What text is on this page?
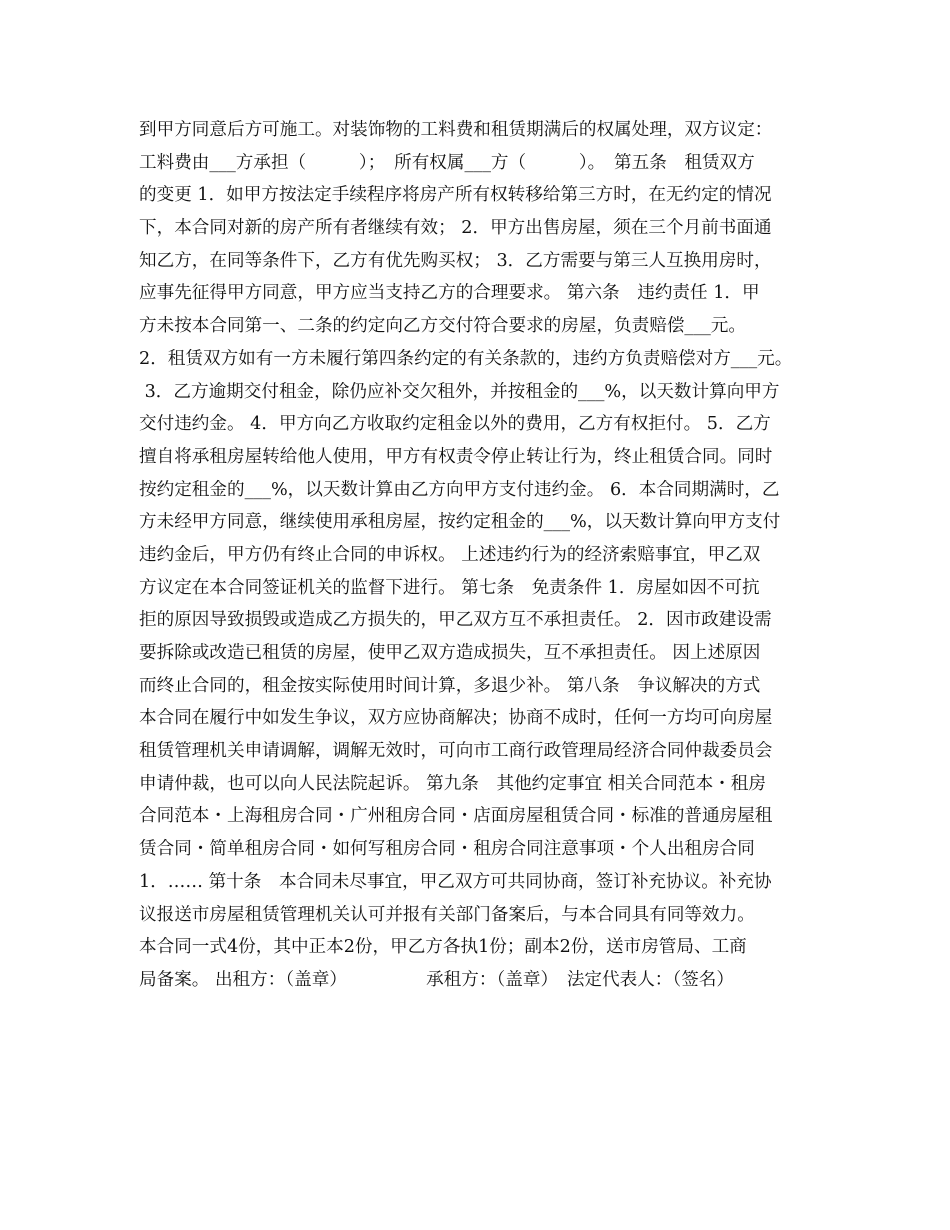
到甲方同意后方可施工。对装饰物的工料费和租赁期满后的权属处理，双方议定：
工料费由___方承担（　　　）；　所有权属___方（　　　）。　第五条　租赁双方
的变更 1．如甲方按法定手续程序将房产所有权转移给第三方时，在无约定的情况
下，本合同对新的房产所有者继续有效； 2．甲方出售房屋，须在三个月前书面通
知乙方，在同等条件下，乙方有优先购买权； 3．乙方需要与第三人互换用房时，
应事先征得甲方同意，甲方应当支持乙方的合理要求。 第六条　违约责任 1．甲
方未按本合同第一、二条的约定向乙方交付符合要求的房屋，负责赔偿___元。
2．租赁双方如有一方未履行第四条约定的有关条款的，违约方负责赔偿对方___元。
3．乙方逾期交付租金，除仍应补交欠租外，并按租金的___%，以天数计算向甲方
交付违约金。 4．甲方向乙方收取约定租金以外的费用，乙方有权拒付。 5．乙方
擅自将承租房屋转给他人使用，甲方有权责令停止转让行为，终止租赁合同。同时
按约定租金的___%，以天数计算由乙方向甲方支付违约金。 6．本合同期满时，乙
方未经甲方同意，继续使用承租房屋，按约定租金的___%，以天数计算向甲方支付
违约金后，甲方仍有终止合同的申诉权。 上述违约行为的经济索赔事宜，甲乙双
方议定在本合同签证机关的监督下进行。 第七条　免责条件 1．房屋如因不可抗
拒的原因导致损毁或造成乙方损失的，甲乙双方互不承担责任。 2．因市政建设需
要拆除或改造已租赁的房屋，使甲乙双方造成损失，互不承担责任。 因上述原因
而终止合同的，租金按实际使用时间计算，多退少补。 第八条　争议解决的方式
本合同在履行中如发生争议，双方应协商解决；协商不成时，任何一方均可向房屋
租赁管理机关申请调解，调解无效时，可向市工商行政管理局经济合同仲裁委员会
申请仲裁，也可以向人民法院起诉。 第九条　其他约定事宜 相关合同范本・租房
合同范本・上海租房合同・广州租房合同・店面房屋租赁合同・标准的普通房屋租
赁合同・简单租房合同・如何写租房合同・租房合同注意事项・个人出租房合同
1．…… 第十条　本合同未尽事宜，甲乙双方可共同协商，签订补充协议。补充协
议报送市房屋租赁管理机关认可并报有关部门备案后，与本合同具有同等效力。
本合同一式4份，其中正本2份，甲乙方各执1份；副本2份，送市房管局、工商
局备案。 出租方：（盖章）　　　　　承租方：（盖章）　法定代表人：（签名）
